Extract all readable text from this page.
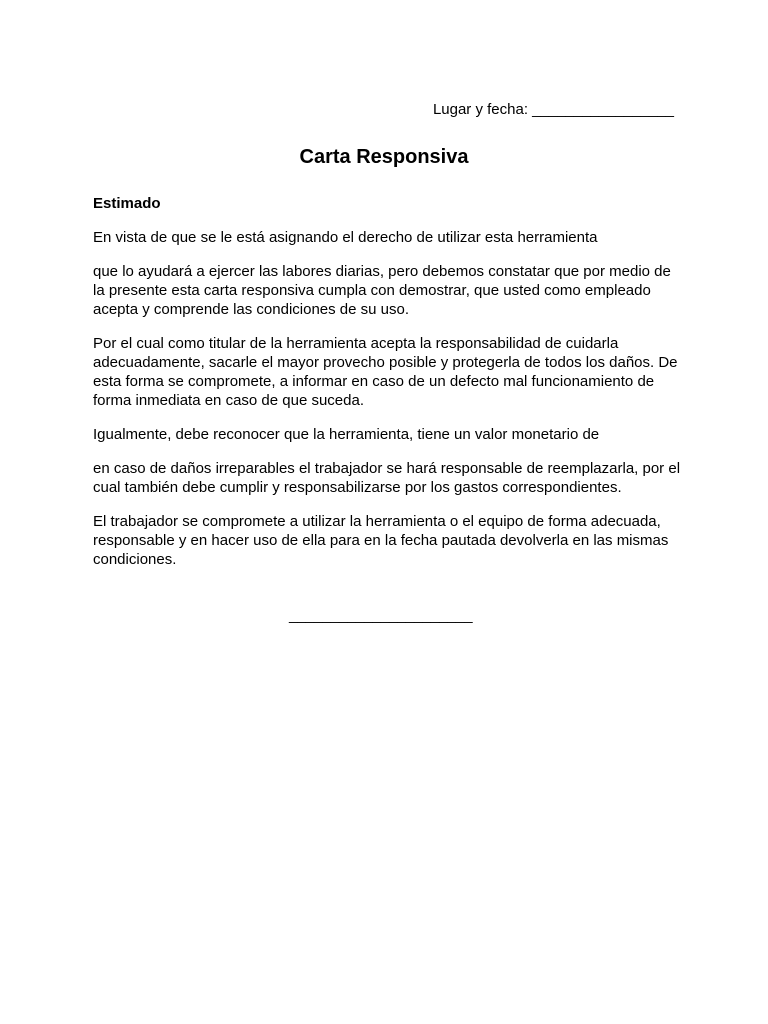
Lugar y fecha: _________________
Carta Responsiva

Estimado

En vista de que se le está asignando el derecho de utilizar esta herramienta

que lo ayudará a ejercer las labores diarias, pero debemos constatar que por medio de la presente esta carta responsiva cumpla con demostrar, que usted como empleado acepta y comprende las condiciones de su uso.

Por el cual como titular de la herramienta acepta la responsabilidad de cuidarla adecuadamente, sacarle el mayor provecho posible y protegerla de todos los daños. De esta forma se compromete, a informar en caso de un defecto mal funcionamiento de forma inmediata en caso de que suceda.

Igualmente, debe reconocer que la herramienta, tiene un valor monetario de

en caso de daños irreparables el trabajador se hará responsable de reemplazarla, por el cual también debe cumplir y responsabilizarse por los gastos correspondientes.

El trabajador se compromete a utilizar la herramienta o el equipo de forma adecuada, responsable y en hacer uso de ella para en la fecha pautada devolverla en las mismas condiciones.

______________________
